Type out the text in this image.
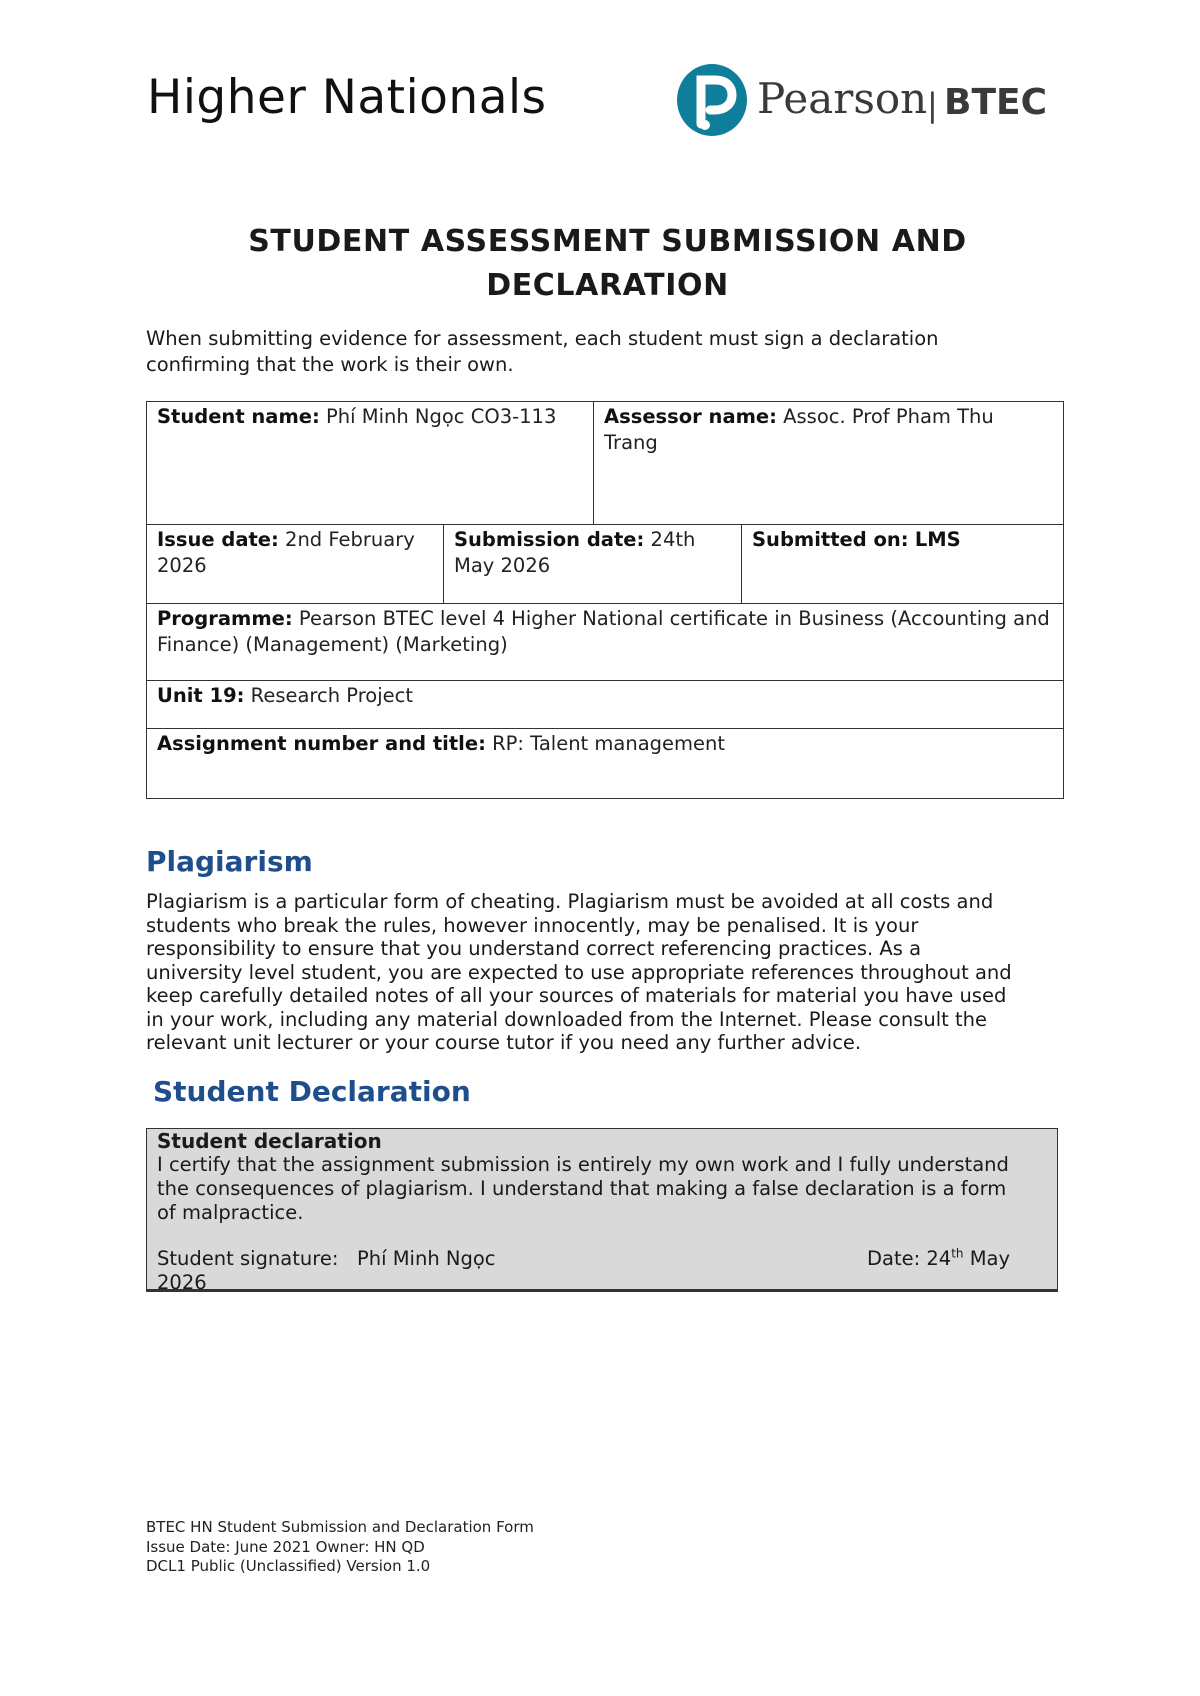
Higher Nationals	Pearson | BTEC
STUDENT ASSESSMENT SUBMISSION AND
DECLARATION
When submitting evidence for assessment, each student must sign a declaration
confirming that the work is their own.
Student name: Phí Minh Ngọc CO3-113		Assessor name: Assoc. Prof Pham Thu Trang	
Issue date: 2nd February 2026	Submission date: 24th May 2026		Submitted on: LMS
Programme: Pearson BTEC level 4 Higher National certificate in Business (Accounting and Finance) (Management) (Marketing)			
Unit 19: Research Project			
Assignment number and title: RP: Talent management			
Plagiarism
Plagiarism is a particular form of cheating. Plagiarism must be avoided at all costs and
students who break the rules, however innocently, may be penalised. It is your
responsibility to ensure that you understand correct referencing practices. As a
university level student, you are expected to use appropriate references throughout and
keep carefully detailed notes of all your sources of materials for material you have used
in your work, including any material downloaded from the Internet. Please consult the
relevant unit lecturer or your course tutor if you need any further advice.
Student Declaration
Student declaration
I certify that the assignment submission is entirely my own work and I fully understand
the consequences of plagiarism. I understand that making a false declaration is a form
of malpractice.
Student signature: Phí Minh Ngọc	Date: 24th May
2026
BTEC HN Student Submission and Declaration Form
Issue Date: June 2021 Owner: HN QD
DCL1 Public (Unclassified) Version 1.0
